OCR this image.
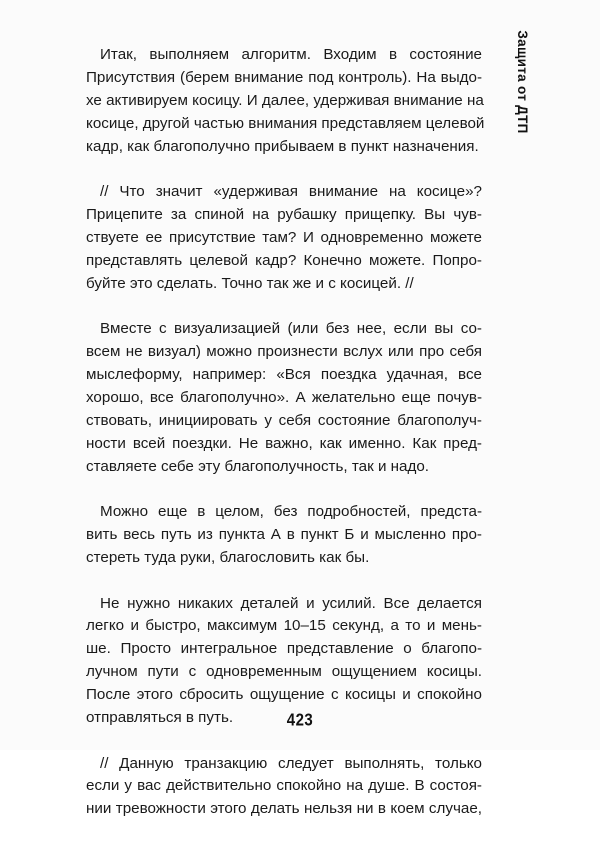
Защита от ДТП

Итак, выполняем алгоритм. Входим в состояние
Присутствия (берем внимание под контроль). На выдо-
хе активируем косицу. И далее, удерживая внимание на
косице, другой частью внимания представляем целевой
кадр, как благополучно прибываем в пункт назначения.

// Что значит «удерживая внимание на косице»?
Прицепите за спиной на рубашку прищепку. Вы чув-
ствуете ее присутствие там? И одновременно можете
представлять целевой кадр? Конечно можете. Попро-
буйте это сделать. Точно так же и с косицей. //

Вместе с визуализацией (или без нее, если вы со-
всем не визуал) можно произнести вслух или про себя
мыслеформу, например: «Вся поездка удачная, все
хорошо, все благополучно». А желательно еще почув-
ствовать, инициировать у себя состояние благополуч-
ности всей поездки. Не важно, как именно. Как пред-
ставляете себе эту благополучность, так и надо.

Можно еще в целом, без подробностей, предста-
вить весь путь из пункта А в пункт Б и мысленно про-
стереть туда руки, благословить как бы.

Не нужно никаких деталей и усилий. Все делается
легко и быстро, максимум 10–15 секунд, а то и мень-
ше. Просто интегральное представление о благопо-
лучном пути с одновременным ощущением косицы.
После этого сбросить ощущение с косицы и спокойно
отправляться в путь.

// Данную транзакцию следует выполнять, только
если у вас действительно спокойно на душе. В состоя-
нии тревожности этого делать нельзя ни в коем случае,

423
